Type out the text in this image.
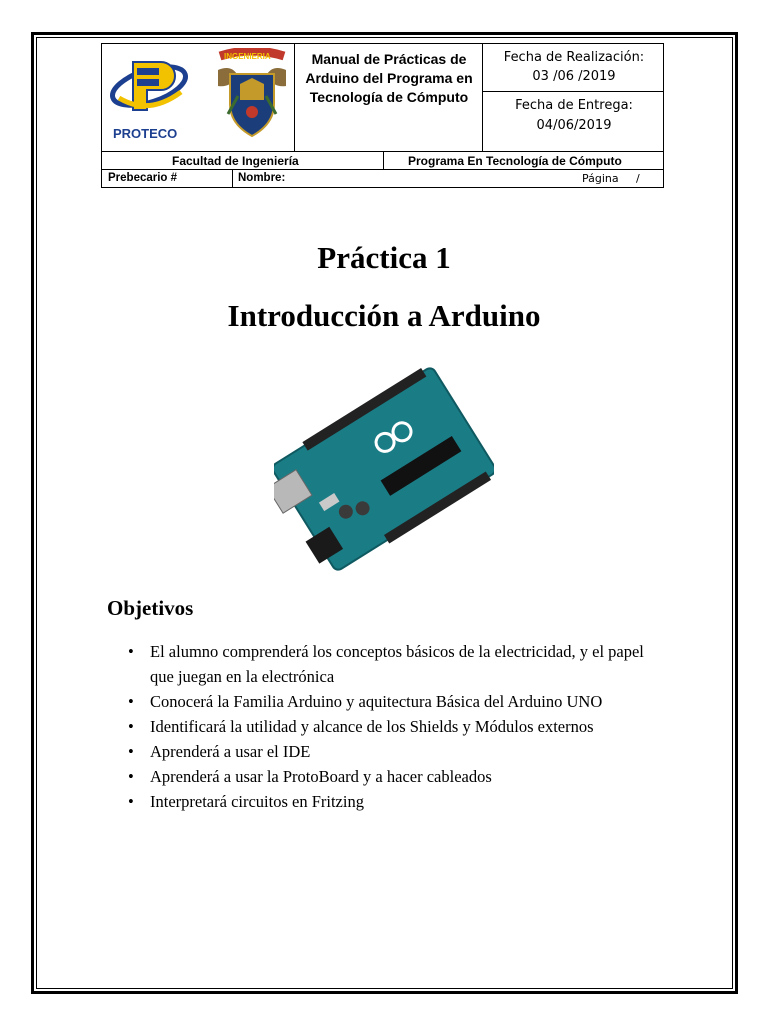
PROTECO
INGENIERIA	Manual de Prácticas de Arduino del Programa en Tecnología de Cómputo
Fecha de Realización:
03 /06 /2019
Fecha de Entrega:
04/06/2019
Facultad de Ingeniería	Programa En Tecnología de Cómputo
Prebecario #	Nombre:	Página /
Práctica 1
Introducción a Arduino
Objetivos
• El alumno comprenderá los conceptos básicos de la electricidad, y el papel que juegan en la electrónica
• Conocerá la Familia Arduino y aquitectura Básica del Arduino UNO
• Identificará la utilidad y alcance de los Shields y Módulos externos
• Aprenderá a usar el IDE
• Aprenderá a usar la ProtoBoard y a hacer cableados
• Interpretará circuitos en Fritzing
